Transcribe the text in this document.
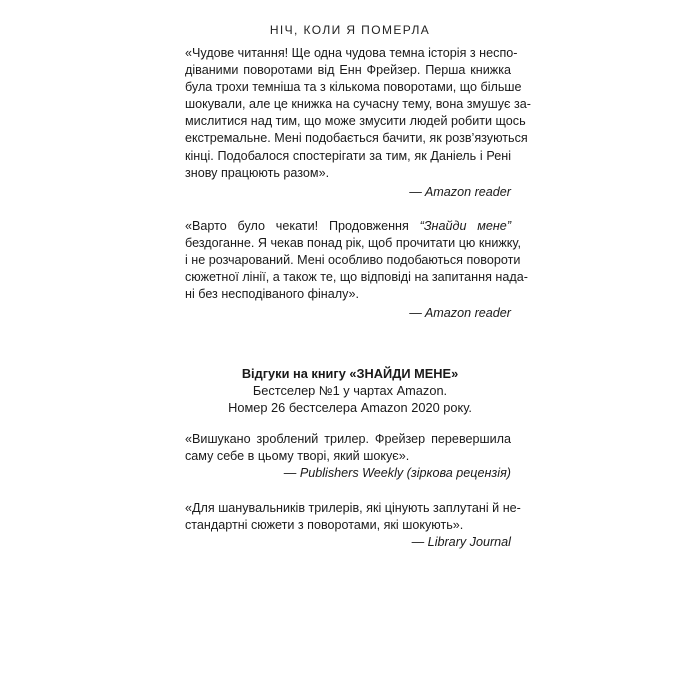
НІЧ, КОЛИ Я ПОМЕРЛА
«Чудове читання! Ще одна чудова темна історія з неспо-
діваними поворотами від Енн Фрейзер. Перша книжка
була трохи темніша та з кількома поворотами, що більше
шокували, але це книжка на сучасну тему, вона змушує за-
мислитися над тим, що може змусити людей робити щось
екстремальне. Мені подобається бачити, як розв’язуються
кінці. Подобалося спостерігати за тим, як Даніель і Рені
знову працюють разом».
— Amazon reader
«Варто було чекати! Продовження “Знайди мене”
бездоганне. Я чекав понад рік, щоб прочитати цю книжку,
і не розчарований. Мені особливо подобаються повороти
сюжетної лінії, а також те, що відповіді на запитання нада-
ні без несподіваного фіналу».
— Amazon reader
Відгуки на книгу «ЗНАЙДИ МЕНЕ»
Бестселер №1 у чартах Amazon.
Номер 26 бестселера Amazon 2020 року.
«Вишукано зроблений трилер. Фрейзер перевершила
саму себе в цьому творі, який шокує».
— Publishers Weekly (зіркова рецензія)
«Для шанувальників трилерів, які цінують заплутані й не-
стандартні сюжети з поворотами, які шокують».
— Library Journal
